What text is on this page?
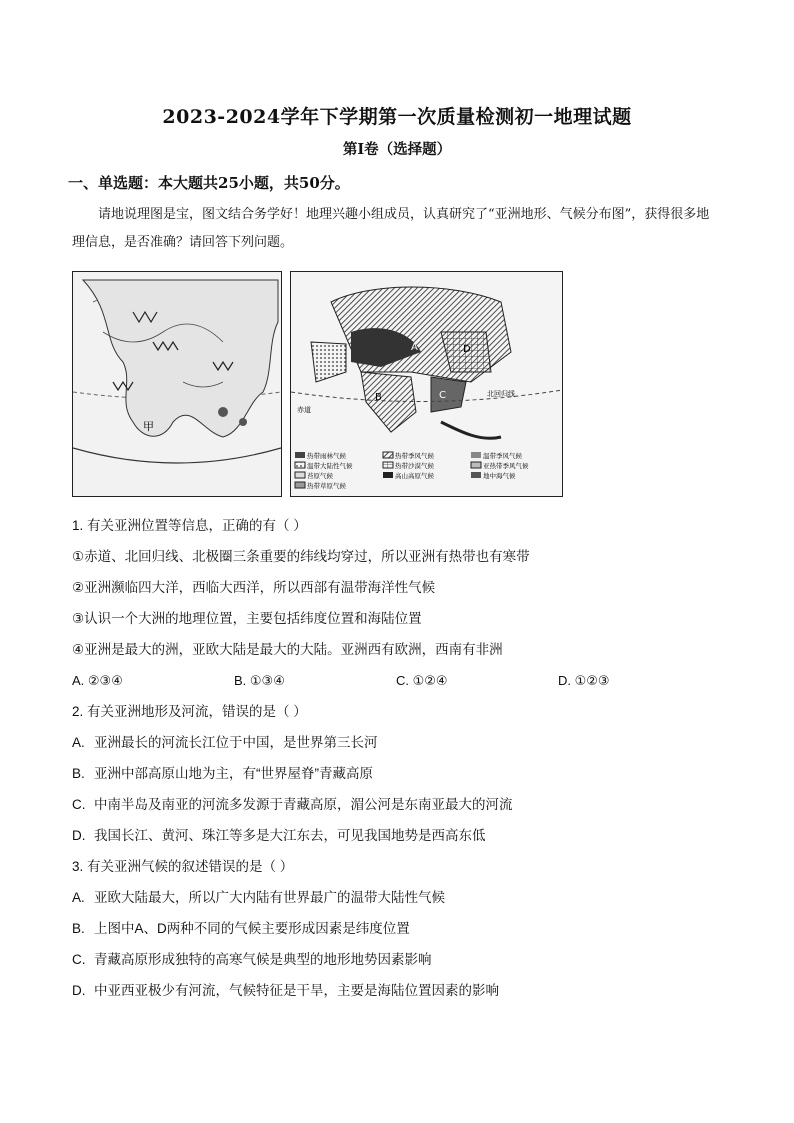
2023-2024学年下学期第一次质量检测初一地理试题
第Ⅰ卷（选择题）
一、单选题：本大题共25小题，共50分。
请地说理图是宝，图文结合务学好！地理兴趣小组成员，认真研究了“亚洲地形、气候分布图”，获得很多地理信息，是否准确？请回答下列问题。
甲
A
B	C
D
北回归线
赤道
热带雨林气候	热带季风气候	温带季风气候
温带大陆性气候	热带沙漠气候	亚热带季风气候
苔原气候	高山高原气候	地中海气候
热带草原气候
1. 有关亚洲位置等信息，正确的有（ ）
①赤道、北回归线、北极圈三条重要的纬线均穿过，所以亚洲有热带也有寒带
②亚洲濒临四大洋，西临大西洋，所以西部有温带海洋性气候
③认识一个大洲的地理位置，主要包括纬度位置和海陆位置
④亚洲是最大的洲，亚欧大陆是最大的大陆。亚洲西有欧洲，西南有非洲
A. ②③④	B. ①③④	C. ①②④	D. ①②③
2. 有关亚洲地形及河流，错误的是（ ）
A. 亚洲最长的河流长江位于中国，是世界第三长河
B. 亚洲中部高原山地为主，有“世界屋脊”青藏高原
C. 中南半岛及南亚的河流多发源于青藏高原，湄公河是东南亚最大的河流
D. 我国长江、黄河、珠江等多是大江东去，可见我国地势是西高东低
3. 有关亚洲气候的叙述错误的是（ ）
A. 亚欧大陆最大，所以广大内陆有世界最广的温带大陆性气候
B. 上图中A、D两种不同的气候主要形成因素是纬度位置
C. 青藏高原形成独特的高寒气候是典型的地形地势因素影响
D. 中亚西亚极少有河流，气候特征是干旱，主要是海陆位置因素的影响
